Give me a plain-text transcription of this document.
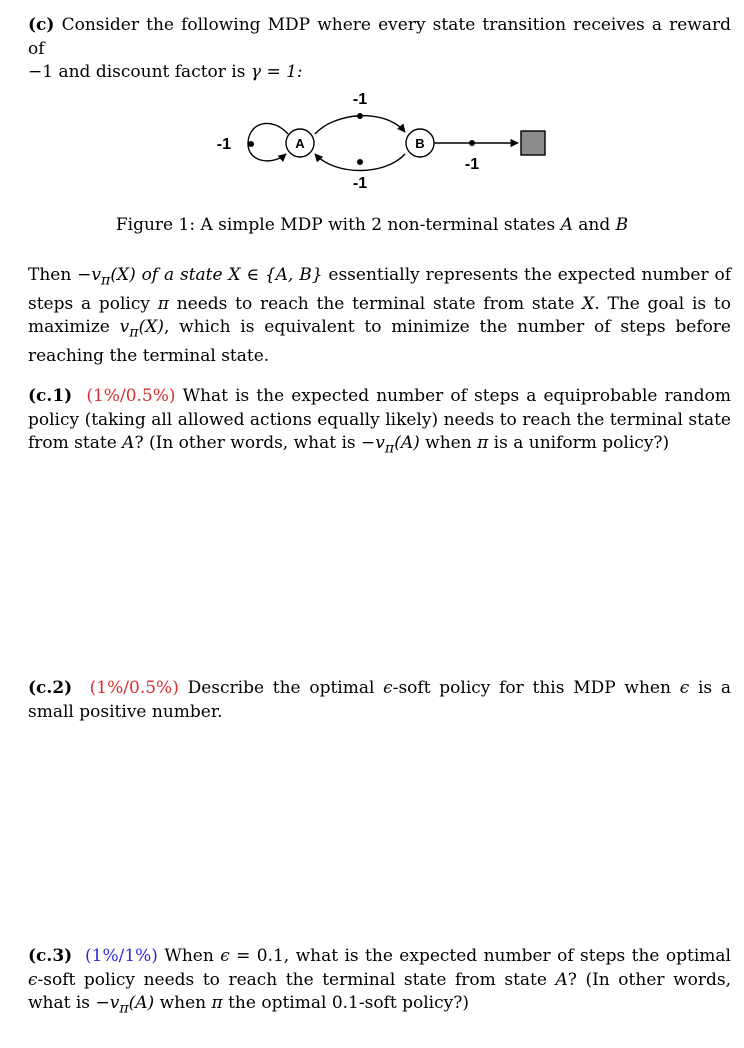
(c) Consider the following MDP where every state transition receives a reward of
−1 and discount factor is γ = 1:

-1
-1
-1
A	B
-1

Figure 1: A simple MDP with 2 non-terminal states A and B

Then $-v_\pi(X)$ of a state X ∈ {A, B} essentially represents the expected number of steps a policy π needs to reach the terminal state from state X. The goal is to maximize $v_\pi(X)$, which is equivalent to minimize the number of steps before reaching the terminal state.

(c.1) (1%/0.5%) What is the expected number of steps a equiprobable random policy (taking all allowed actions equally likely) needs to reach the terminal state from state A? (In other words, what is $-v_\pi(A)$ when π is a uniform policy?)

(c.2) (1%/0.5%) Describe the optimal ϵ-soft policy for this MDP when ϵ is a small positive number.

(c.3) (1%/1%) When ϵ = 0.1, what is the expected number of steps the optimal ϵ-soft policy needs to reach the terminal state from state A? (In other words, what is $-v_\pi(A)$ when π the optimal 0.1-soft policy?)
